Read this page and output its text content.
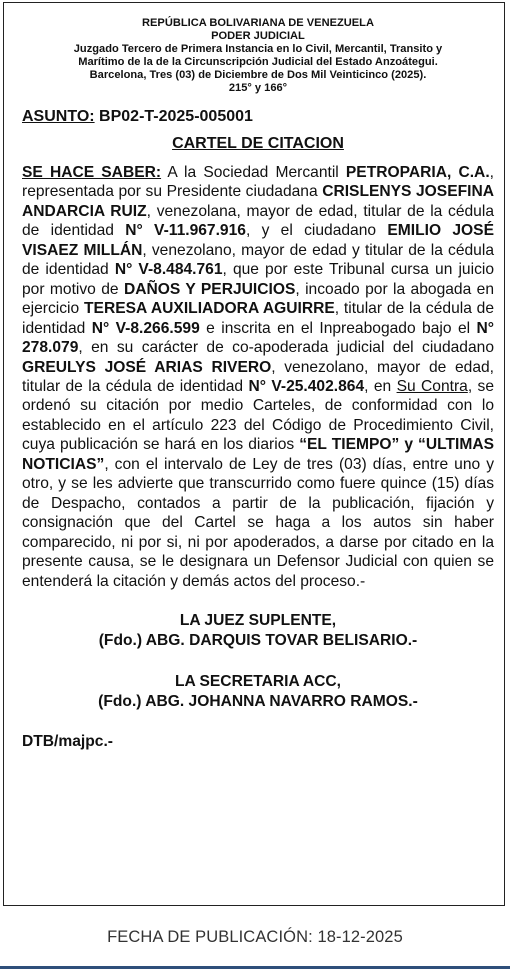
REPÚBLICA BOLIVARIANA DE VENEZUELA
PODER JUDICIAL
Juzgado Tercero de Primera Instancia en lo Civil, Mercantil, Transito y
Marítimo de la de la Circunscripción Judicial del Estado Anzoátegui.
Barcelona, Tres (03) de Diciembre de Dos Mil Veinticinco (2025).
215° y 166°
ASUNTO: BP02-T-2025-005001
CARTEL DE CITACION
SE HACE SABER: A la Sociedad Mercantil PETROPARIA, C.A., representada por su Presidente ciudadana CRISLENYS JOSEFINA ANDARCIA RUIZ, venezolana, mayor de edad, titular de la cédula de identidad N° V-11.967.916, y el ciudadano EMILIO JOSÉ VISAEZ MILLÁN, venezolano, mayor de edad y titular de la cédula de identidad N° V-8.484.761, que por este Tribunal cursa un juicio por motivo de DAÑOS Y PERJUICIOS, incoado por la abogada en ejercicio TERESA AUXILIADORA AGUIRRE, titular de la cédula de identidad N° V-8.266.599 e inscrita en el Inpreabogado bajo el N° 278.079, en su carácter de co-apoderada judicial del ciudadano GREULYS JOSÉ ARIAS RIVERO, venezolano, mayor de edad, titular de la cédula de identidad N° V-25.402.864, en Su Contra, se ordenó su citación por medio Carteles, de conformidad con lo establecido en el artículo 223 del Código de Procedimiento Civil, cuya publicación se hará en los diarios “EL TIEMPO” y “ULTIMAS NOTICIAS”, con el intervalo de Ley de tres (03) días, entre uno y otro, y se les advierte que transcurrido como fuere quince (15) días de Despacho, contados a partir de la publicación, fijación y consignación que del Cartel se haga a los autos sin haber comparecido, ni por si, ni por apoderados, a darse por citado en la presente causa, se le designara un Defensor Judicial con quien se entenderá la citación y demás actos del proceso.-
LA JUEZ SUPLENTE,
(Fdo.) ABG. DARQUIS TOVAR BELISARIO.-
LA SECRETARIA ACC,
(Fdo.) ABG. JOHANNA NAVARRO RAMOS.-
DTB/majpc.-
FECHA DE PUBLICACIÓN: 18-12-2025
